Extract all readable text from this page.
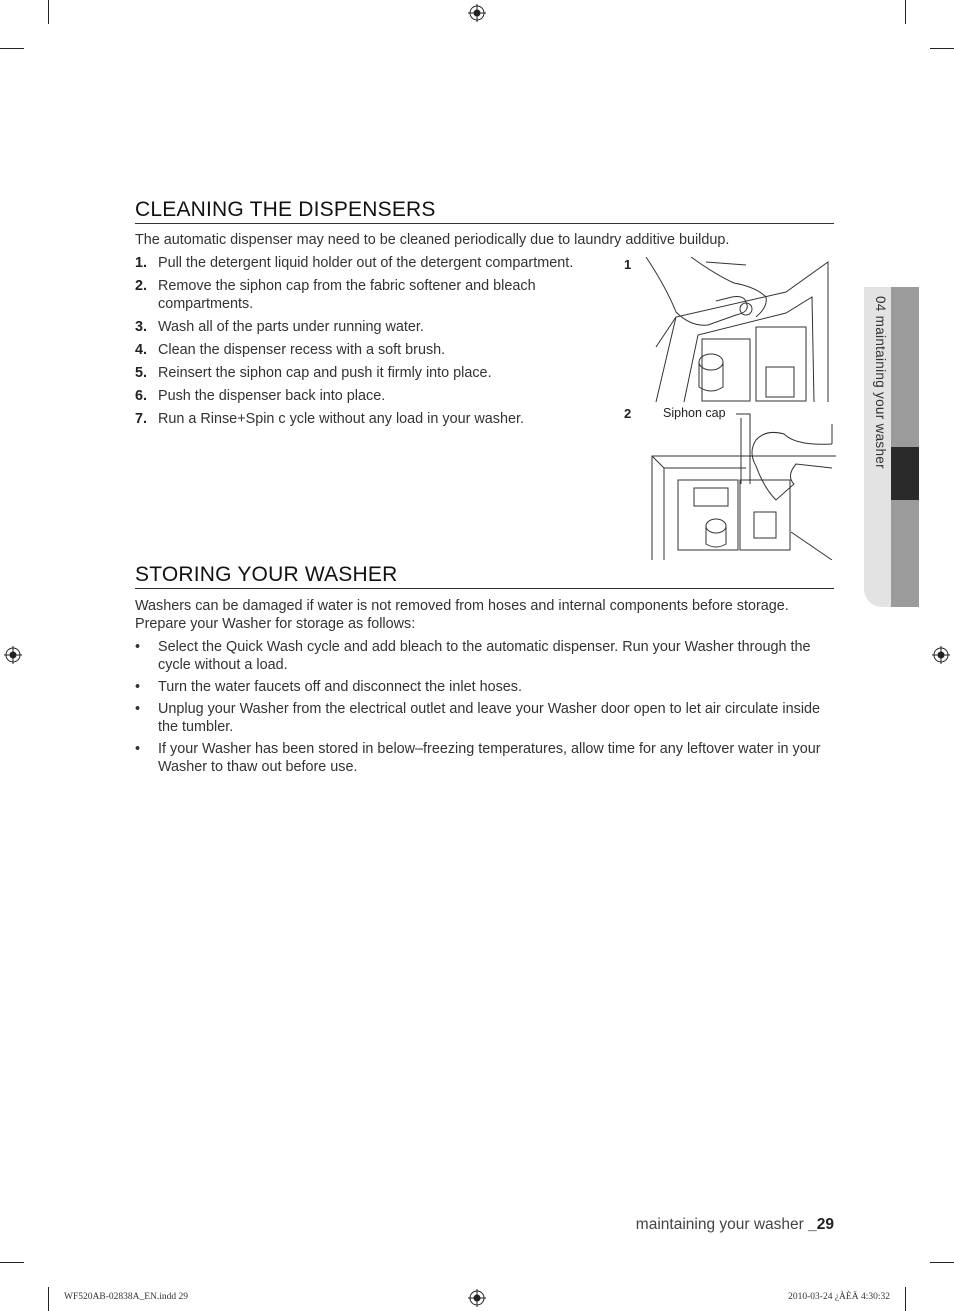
CLEANING THE DISPENSERS
The automatic dispenser may need to be cleaned periodically due to laundry additive buildup.
1. Pull the detergent liquid holder out of the detergent compartment.
2. Remove the siphon cap from the fabric softener and bleach compartments.
3. Wash all of the parts under running water.
4. Clean the dispenser recess with a soft brush.
5. Reinsert the siphon cap and push it firmly into place.
6. Push the dispenser back into place.
7. Run a Rinse+Spin c ycle without any load in your washer.
1
2	Siphon cap
STORING YOUR WASHER
Washers can be damaged if water is not removed from hoses and internal components before storage. Prepare your Washer for storage as follows:
• Select the Quick Wash cycle and add bleach to the automatic dispenser. Run your Washer through the cycle without a load.
• Turn the water faucets off and disconnect the inlet hoses.
• Unplug your Washer from the electrical outlet and leave your Washer door open to let air circulate inside the tumbler.
• If your Washer has been stored in below–freezing temperatures, allow time for any leftover water in your Washer to thaw out before use.
04 maintaining your washer
maintaining your washer _29
WF520AB-02838A_EN.indd 29	2010-03-24 ¿ÀÈÄ 4:30:32
